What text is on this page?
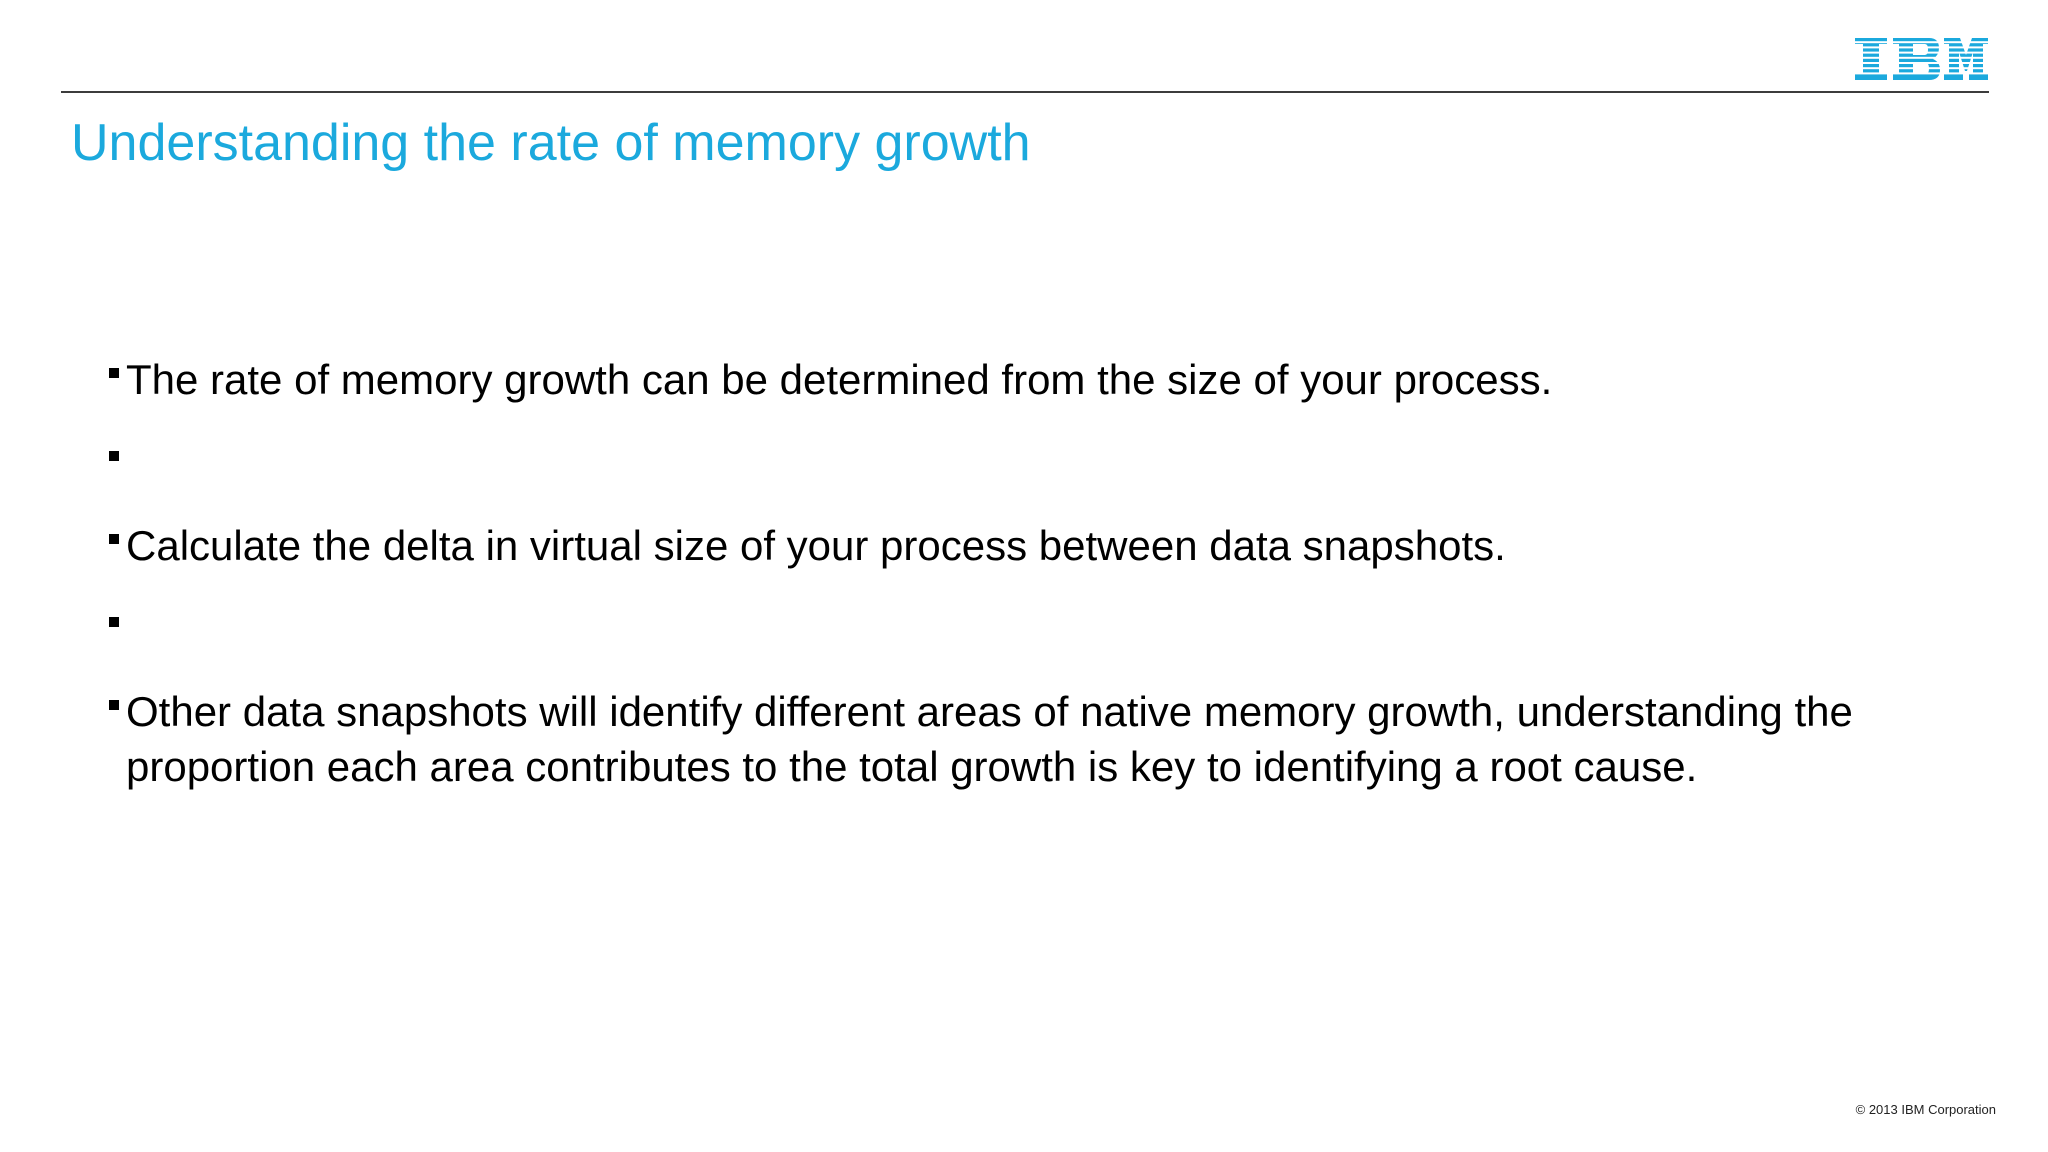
Understanding the rate of memory growth
The rate of memory growth can be determined from the size of your process.
Calculate the delta in virtual size of your process between data snapshots.
Other data snapshots will identify different areas of native memory growth, understanding the proportion each area contributes to the total growth is key to identifying a root cause.
© 2013 IBM Corporation
